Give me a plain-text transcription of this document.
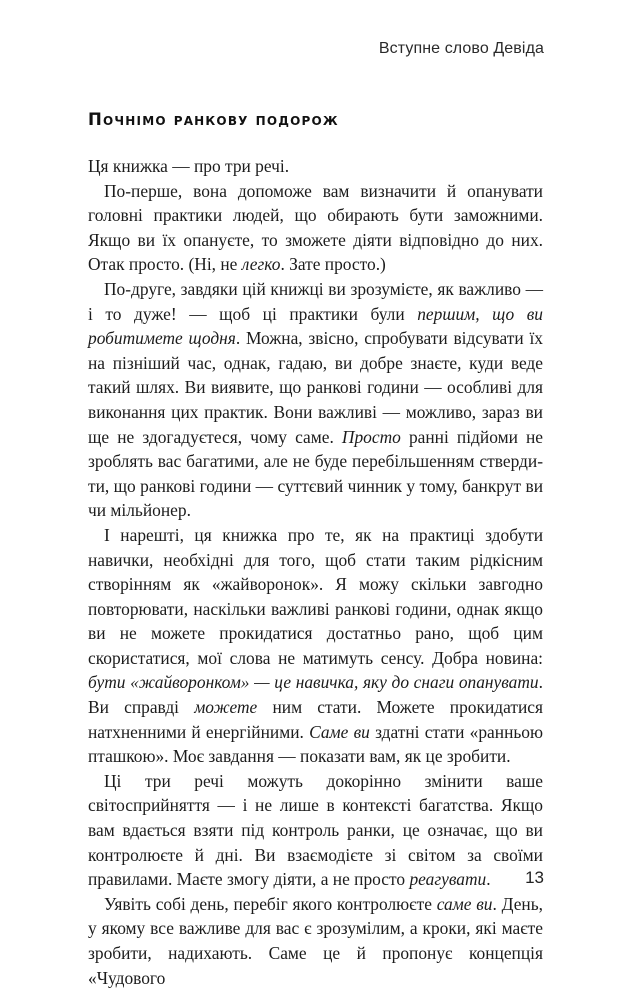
Вступне слово Девіда
Почнімо ранкову подорож

Ця книжка — про три речі.

По-перше, вона допоможе вам визначити й опанувати головні практики людей, що обирають бути заможними. Якщо ви їх опануєте, то зможете діяти відповідно до них. Отак просто. (Ні, не легко. Зате просто.)

По-друге, завдяки цій книжці ви зрозумієте, як важливо — і то дуже! — щоб ці практики були першим, що ви робитимете щодня. Можна, звісно, спробувати відсувати їх на пізніший час, однак, гадаю, ви добре знаєте, куди веде такий шлях. Ви виявите, що ранкові години — особливі для виконання цих практик. Вони важливі — можливо, зараз ви ще не здогадуєтеся, чому саме. Просто ранні підйоми не зроблять вас багатими, але не буде перебільшенням ствердити, що ранкові години — суттєвий чинник у тому, банкрут ви чи мільйонер.

І нарешті, ця книжка про те, як на практиці здобути навички, необхідні для того, щоб стати таким рідкісним створінням як «жайворонок». Я можу скільки завгодно повторювати, наскільки важливі ранкові години, однак якщо ви не можете прокидатися достатньо рано, щоб цим скористатися, мої слова не матимуть сенсу. Добра новина: бути «жайворонком» — це навичка, яку до снаги опанувати. Ви справді можете ним стати. Можете прокидатися натхненними й енергійними. Саме ви здатні стати «ранньою пташкою». Моє завдання — показати вам, як це зробити.

Ці три речі можуть докорінно змінити ваше світосприйняття — і не лише в контексті багатства. Якщо вам вдається взяти під контроль ранки, це означає, що ви контролюєте й дні. Ви взаємодієте зі світом за своїми правилами. Маєте змогу діяти, а не просто реагувати.

Уявіть собі день, перебіг якого контролюєте саме ви. День, у якому все важливе для вас є зрозумілим, а кроки, які маєте зробити, надихають. Саме це й пропонує концепція «Чудового

13
